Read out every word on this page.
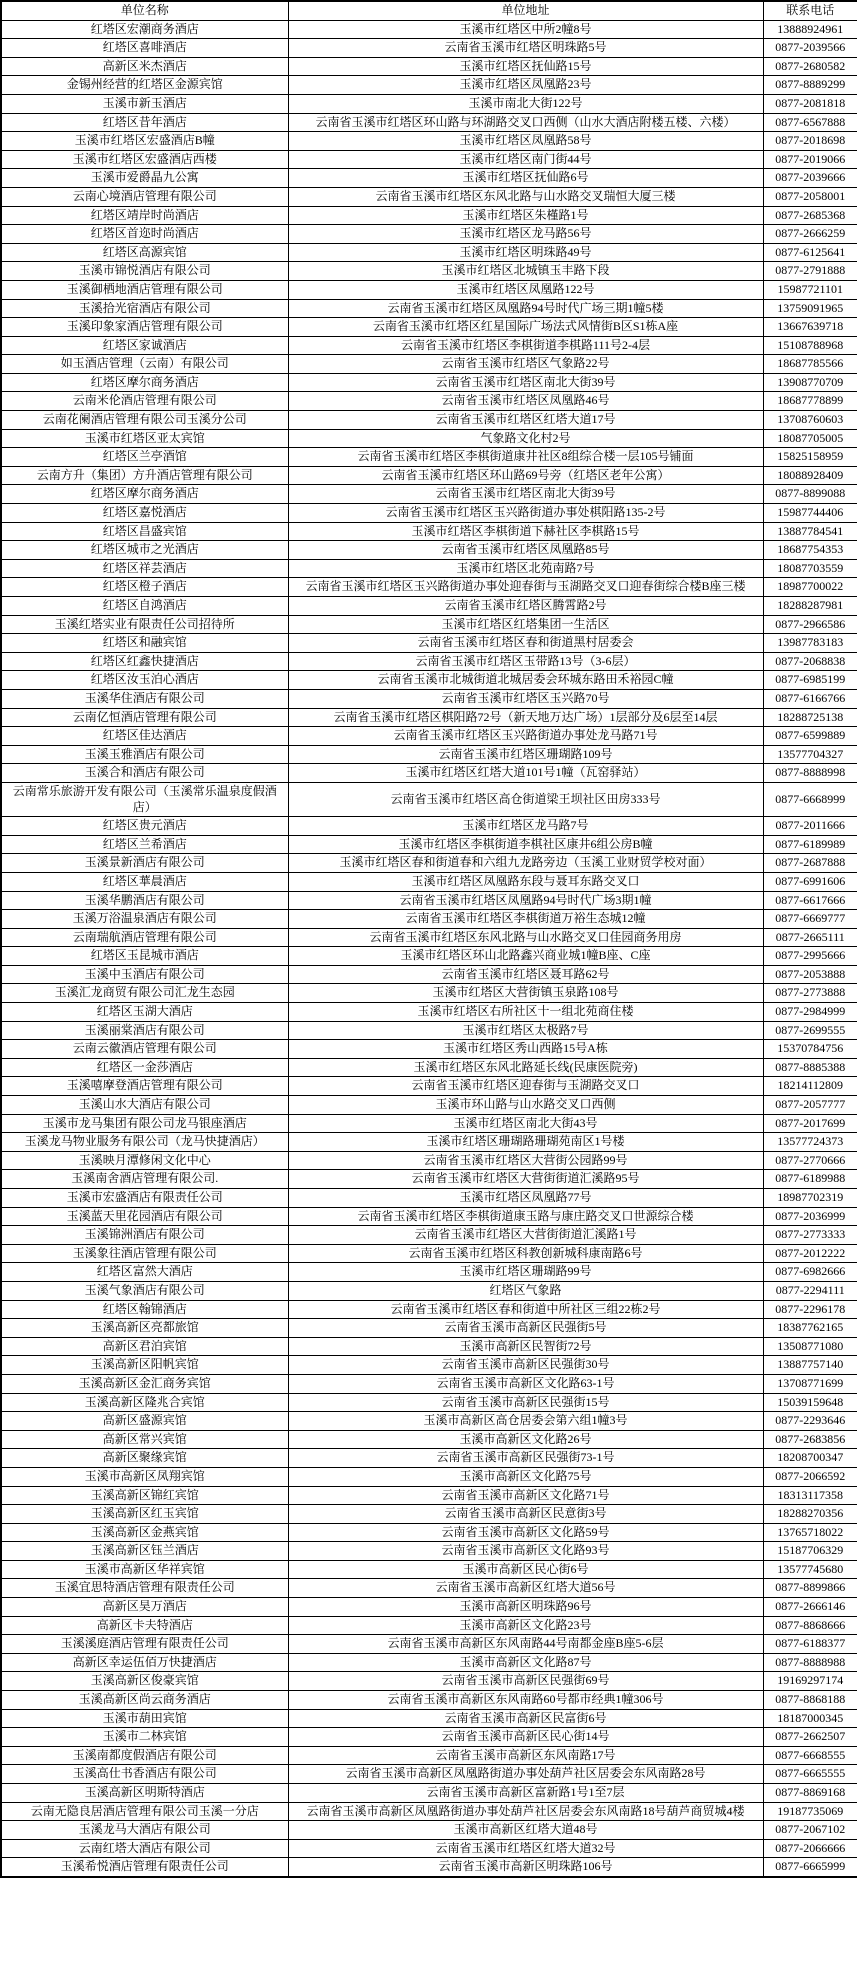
单位名称	单位地址	联系电话
红塔区宏潮商务酒店	玉溪市红塔区中所2幢8号	13888924961
红塔区喜啡酒店	云南省玉溪市红塔区明珠路5号	0877-2039566
高新区米杰酒店	玉溪市红塔区抚仙路15号	0877-2680582
金锡州经营的红塔区金源宾馆	玉溪市红塔区凤凰路23号	0877-8889299
玉溪市新玉酒店	玉溪市南北大街122号	0877-2081818
红塔区昔年酒店	云南省玉溪市红塔区环山路与环湖路交叉口西侧（山水大酒店附楼五楼、六楼）	0877-6567888
玉溪市红塔区宏盛酒店B幢	玉溪市红塔区凤凰路58号	0877-2018698
玉溪市红塔区宏盛酒店西楼	玉溪市红塔区南门街44号	0877-2019066
玉溪市爱爵晶九公寓	玉溪市红塔区抚仙路6号	0877-2039666
云南心境酒店管理有限公司	云南省玉溪市红塔区东风北路与山水路交叉瑞恒大厦三楼	0877-2058001
红塔区靖岸时尚酒店	玉溪市红塔区朱槿路1号	0877-2685368
红塔区首迩时尚酒店	玉溪市红塔区龙马路56号	0877-2666259
红塔区高源宾馆	玉溪市红塔区明珠路49号	0877-6125641
玉溪市锦悦酒店有限公司	玉溪市红塔区北城镇玉丰路下段	0877-2791888
玉溪御栖地酒店管理有限公司	玉溪市红塔区凤凰路122号	15987721101
玉溪拾光宿酒店有限公司	云南省玉溪市红塔区凤凰路94号时代广场三期1幢5楼	13759091965
玉溪印象家酒店管理有限公司	云南省玉溪市红塔区红星国际广场法式风情街B区S1栋A座	13667639718
红塔区家诚酒店	云南省玉溪市红塔区李棋街道李棋路111号2-4层	15108788968
如玉酒店管理（云南）有限公司	云南省玉溪市红塔区气象路22号	18687785566
红塔区摩尔商务酒店	云南省玉溪市红塔区南北大街39号	13908770709
云南米伦酒店管理有限公司	云南省玉溪市红塔区凤凰路46号	18687778899
云南花阑酒店管理有限公司玉溪分公司	云南省玉溪市红塔区红塔大道17号	13708760603
玉溪市红塔区亚太宾馆	气象路文化村2号	18087705005
红塔区兰亭酒馆	云南省玉溪市红塔区李棋街道康井社区8组综合楼一层105号铺面	15825158959
云南方升（集团）方升酒店管理有限公司	云南省玉溪市红塔区环山路69号旁（红塔区老年公寓）	18088928409
红塔区摩尔商务酒店	云南省玉溪市红塔区南北大街39号	0877-8899088
红塔区嘉悦酒店	云南省玉溪市红塔区玉兴路街道办事处棋阳路135-2号	15987744406
红塔区昌盛宾馆	玉溪市红塔区李棋街道下赫社区李棋路15号	13887784541
红塔区城市之光酒店	云南省玉溪市红塔区凤凰路85号	18687754353
红塔区祥芸酒店	玉溪市红塔区北苑南路7号	18087703559
红塔区橙子酒店	云南省玉溪市红塔区玉兴路街道办事处迎春街与玉湖路交叉口迎春街综合楼B座三楼	18987700022
红塔区自鸿酒店	云南省玉溪市红塔区腾霄路2号	18288287981
玉溪红塔实业有限责任公司招待所	玉溪市红塔区红塔集团一生活区	0877-2966586
红塔区和融宾馆	云南省玉溪市红塔区春和街道黑村居委会	13987783183
红塔区红鑫快捷酒店	云南省玉溪市红塔区玉带路13号（3-6层）	0877-2068838
红塔区汝玉泊心酒店	云南省玉溪市北城街道北城居委会环城东路田禾裕园C幢	0877-6985199
玉溪华住酒店有限公司	云南省玉溪市红塔区玉兴路70号	0877-6166766
云南亿恒酒店管理有限公司	云南省玉溪市红塔区棋阳路72号（新天地万达广场）1层部分及6层至14层	18288725138
红塔区佳达酒店	云南省玉溪市红塔区玉兴路街道办事处龙马路71号	0877-6599889
玉溪玉雅酒店有限公司	云南省玉溪市红塔区珊瑚路109号	13577704327
玉溪合和酒店有限公司	玉溪市红塔区红塔大道101号1幢（瓦窑驿站）	0877-8888998
云南常乐旅游开发有限公司（玉溪常乐温泉度假酒店）	云南省玉溪市红塔区高仓街道梁王坝社区田房333号	0877-6668999
红塔区贵元酒店	玉溪市红塔区龙马路7号	0877-2011666
红塔区兰希酒店	玉溪市红塔区李棋街道李棋社区康井6组公房B幢	0877-6189989
玉溪景新酒店有限公司	玉溪市红塔区春和街道春和六组九龙路旁边（玉溪工业财贸学校对面）	0877-2687888
红塔区華晨酒店	玉溪市红塔区凤凰路东段与聂耳东路交叉口	0877-6991606
玉溪华鹏酒店有限公司	云南省玉溪市红塔区凤凰路94号时代广场3期1幢	0877-6617666
玉溪万浴温泉酒店有限公司	云南省玉溪市红塔区李棋街道万裕生态城12幢	0877-6669777
云南瑞航酒店管理有限公司	云南省玉溪市红塔区东风北路与山水路交叉口佳园商务用房	0877-2665111
红塔区玉昆城市酒店	玉溪市红塔区环山北路鑫兴商业城1幢B座、C座	0877-2995666
玉溪中玉酒店有限公司	云南省玉溪市红塔区聂耳路62号	0877-2053888
玉溪汇龙商贸有限公司汇龙生态园	玉溪市红塔区大营街镇玉泉路108号	0877-2773888
红塔区玉湖大酒店	玉溪市红塔区右所社区十一组北苑商住楼	0877-2984999
玉溪丽棠酒店有限公司	玉溪市红塔区太极路7号	0877-2699555
云南云徽酒店管理有限公司	玉溪市红塔区秀山西路15号A栋	15370784756
红塔区一金莎酒店	玉溪市红塔区东风北路延长线(民康医院旁)	0877-8885388
玉溪嘻摩登酒店管理有限公司	云南省玉溪市红塔区迎春街与玉湖路交叉口	18214112809
玉溪山水大酒店有限公司	玉溪市环山路与山水路交叉口西侧	0877-2057777
玉溪市龙马集团有限公司龙马银座酒店	玉溪市红塔区南北大街43号	0877-2017699
玉溪龙马物业服务有限公司（龙马快捷酒店）	玉溪市红塔区珊瑚路珊瑚苑南区1号楼	13577724373
玉溪映月潭修闲文化中心	云南省玉溪市红塔区大营街公园路99号	0877-2770666
玉溪南舍酒店管理有限公司.	云南省玉溪市红塔区大营街街道汇溪路95号	0877-6189988
玉溪市宏盛酒店有限责任公司	玉溪市红塔区凤凰路77号	18987702319
玉溪蓝天里花园酒店有限公司	云南省玉溪市红塔区李棋街道康玉路与康庄路交叉口世源综合楼	0877-2036999
玉溪锦洲酒店有限公司	云南省玉溪市红塔区大营街街道汇溪路1号	0877-2773333
玉溪象往酒店管理有限公司	云南省玉溪市红塔区科教创新城科康南路6号	0877-2012222
红塔区富然大酒店	玉溪市红塔区珊瑚路99号	0877-6982666
玉溪气象酒店有限公司	红塔区气象路	0877-2294111
红塔区翰锦酒店	云南省玉溪市红塔区春和街道中所社区三组22栋2号	0877-2296178
玉溪高新区亮都旅馆	云南省玉溪市高新区民强街5号	18387762165
高新区君泊宾馆	玉溪市高新区民智街72号	13508771080
玉溪高新区阳帆宾馆	云南省玉溪市高新区民强街30号	13887757140
玉溪高新区金汇商务宾馆	云南省玉溪市高新区文化路63-1号	13708771699
玉溪高新区隆兆合宾馆	云南省玉溪市高新区民强街15号	15039159648
高新区盛源宾馆	玉溪市高新区高仓居委会第六组1幢3号	0877-2293646
高新区常兴宾馆	玉溪市高新区文化路26号	0877-2683856
高新区聚缘宾馆	云南省玉溪市高新区民强街73-1号	18208700347
玉溪市高新区凤翔宾馆	玉溪市高新区文化路75号	0877-2066592
玉溪高新区锦红宾馆	云南省玉溪市高新区文化路71号	18313117358
玉溪高新区红玉宾馆	云南省玉溪市高新区民意街3号	18288270356
玉溪高新区金燕宾馆	云南省玉溪市高新区文化路59号	13765718022
玉溪高新区钰兰酒店	云南省玉溪市高新区文化路93号	15187706329
玉溪市高新区华祥宾馆	玉溪市高新区民心街6号	13577745680
玉溪宜思特酒店管理有限责任公司	云南省玉溪市高新区红塔大道56号	0877-8899866
高新区昊万酒店	玉溪市高新区明珠路96号	0877-2666146
高新区卡夫特酒店	玉溪市高新区文化路23号	0877-8868666
玉溪溪庭酒店管理有限责任公司	云南省玉溪市高新区东风南路44号南都金座B座5-6层	0877-6188377
高新区幸运伍佰万快捷酒店	玉溪市高新区文化路87号	0877-8888988
玉溪高新区俊豪宾馆	云南省玉溪市高新区民强街69号	19169297174
玉溪高新区尚云商务酒店	云南省玉溪市高新区东风南路60号都市经典1幢306号	0877-8868188
玉溪市葫田宾馆	云南省玉溪市高新区民富街6号	18187000345
玉溪市二林宾馆	云南省玉溪市高新区民心街14号	0877-2662507
玉溪南都度假酒店有限公司	云南省玉溪市高新区东风南路17号	0877-6668555
玉溪高仕书香酒店有限公司	云南省玉溪市高新区凤凰路街道办事处葫芦社区居委会东风南路28号	0877-6665555
玉溪高新区明斯特酒店	云南省玉溪市高新区富新路1号1至7层	0877-8869168
云南无隐良居酒店管理有限公司玉溪一分店	云南省玉溪市高新区凤凰路街道办事处葫芦社区居委会东风南路18号葫芦商贸城4楼	19187735069
玉溪龙马大酒店有限公司	玉溪市高新区红塔大道48号	0877-2067102
云南红塔大酒店有限公司	云南省玉溪市红塔区红塔大道32号	0877-2066666
玉溪希悦酒店管理有限责任公司	云南省玉溪市高新区明珠路106号	0877-6665999
